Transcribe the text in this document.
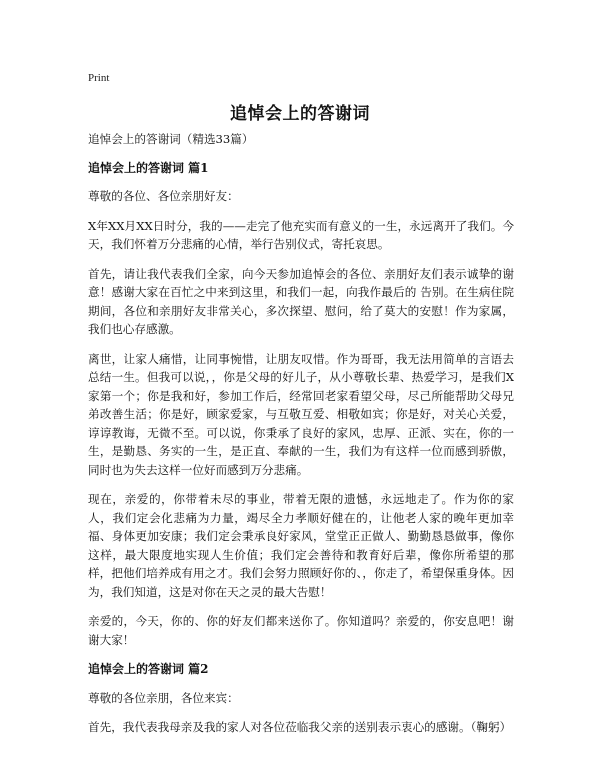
Print
追悼会上的答谢词

追悼会上的答谢词（精选33篇）

追悼会上的答谢词 篇1

尊敬的各位、各位亲朋好友：

X年XX月XX日时分，我的——走完了他充实而有意义的一生，永远离开了我们。今天，我们怀着万分悲痛的心情，举行告别仪式，寄托哀思。

首先，请让我代表我们全家，向今天参加追悼会的各位、亲朋好友们表示诚挚的谢意！感谢大家在百忙之中来到这里，和我们一起，向我作最后的 告别。在生病住院期间，各位和亲朋好友非常关心，多次探望、慰问，给了莫大的安慰！作为家属，我们也心存感激。

离世，让家人痛惜，让同事惋惜，让朋友叹惜。作为哥哥，我无法用简单的言语去总结一生。但我可以说，，你是父母的好儿子，从小尊敬长辈、热爱学习，是我们X家第一个；你是我和好，参加工作后，经常回老家看望父母，尽己所能帮助父母兄弟改善生活；你是好，顾家爱家，与互敬互爱、相敬如宾；你是好，对关心关爱，谆谆教诲，无微不至。可以说，你秉承了良好的家风，忠厚、正派、实在，你的一生，是勤恳、务实的一生，是正直、奉献的一生，我们为有这样一位而感到骄傲，同时也为失去这样一位好而感到万分悲痛。

现在，亲爱的，你带着未尽的事业，带着无限的遗憾，永远地走了。作为你的家人，我们定会化悲痛为力量，竭尽全力孝顺好健在的，让他老人家的晚年更加幸福、身体更加安康；我们定会秉承良好家风，堂堂正正做人、勤勤恳恳做事，像你这样，最大限度地实现人生价值；我们定会善待和教育好后辈，像你所希望的那样，把他们培养成有用之才。我们会努力照顾好你的、，你走了，希望保重身体。因为，我们知道，这是对你在天之灵的最大告慰！

亲爱的，今天，你的、你的好友们都来送你了。你知道吗？亲爱的，你安息吧！谢谢大家！

追悼会上的答谢词 篇2

尊敬的各位亲朋，各位来宾：

首先，我代表我母亲及我的家人对各位莅临我父亲的送别表示衷心的感谢。（鞠躬）
